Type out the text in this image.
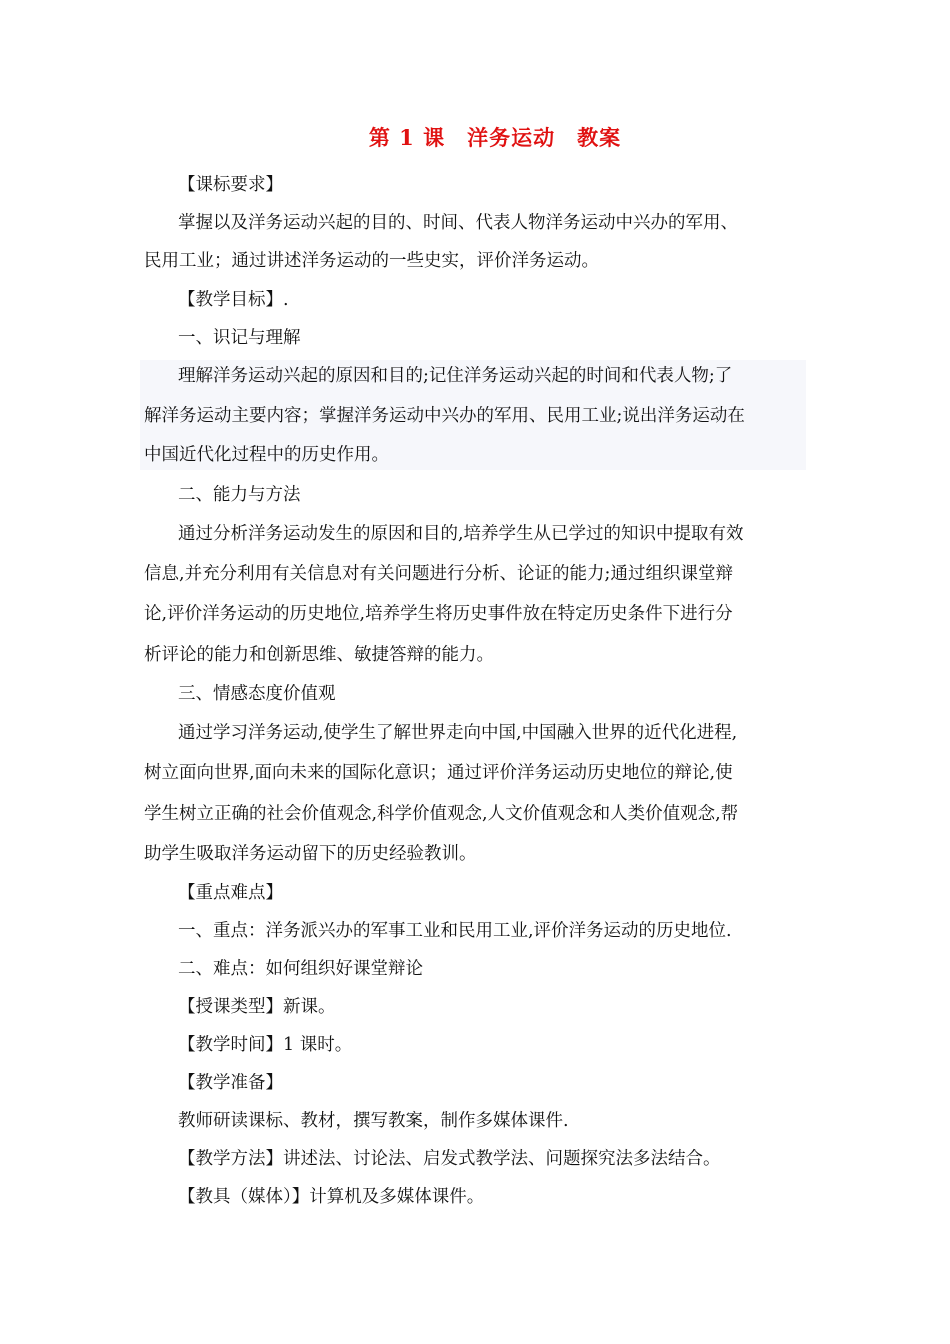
第 1 课　洋务运动　教案
【课标要求】
掌握以及洋务运动兴起的目的、时间、代表人物洋务运动中兴办的军用、
民用工业；通过讲述洋务运动的一些史实，评价洋务运动。
【教学目标】.
一、识记与理解
理解洋务运动兴起的原因和目的;记住洋务运动兴起的时间和代表人物;了
解洋务运动主要内容；掌握洋务运动中兴办的军用、民用工业;说出洋务运动在
中国近代化过程中的历史作用。
二、能力与方法
通过分析洋务运动发生的原因和目的,培养学生从已学过的知识中提取有效
信息,并充分利用有关信息对有关问题进行分析、论证的能力;通过组织课堂辩
论,评价洋务运动的历史地位,培养学生将历史事件放在特定历史条件下进行分
析评论的能力和创新思维、敏捷答辩的能力。
三、情感态度价值观
通过学习洋务运动,使学生了解世界走向中国,中国融入世界的近代化进程,
树立面向世界,面向未来的国际化意识；通过评价洋务运动历史地位的辩论,使
学生树立正确的社会价值观念,科学价值观念,人文价值观念和人类价值观念,帮
助学生吸取洋务运动留下的历史经验教训。
【重点难点】
一、重点：洋务派兴办的军事工业和民用工业,评价洋务运动的历史地位.
二、难点：如何组织好课堂辩论
【授课类型】新课。
【教学时间】1 课时。
【教学准备】
教师研读课标、教材，撰写教案，制作多媒体课件.
【教学方法】讲述法、讨论法、启发式教学法、问题探究法多法结合。
【教具（媒体）】计算机及多媒体课件。
